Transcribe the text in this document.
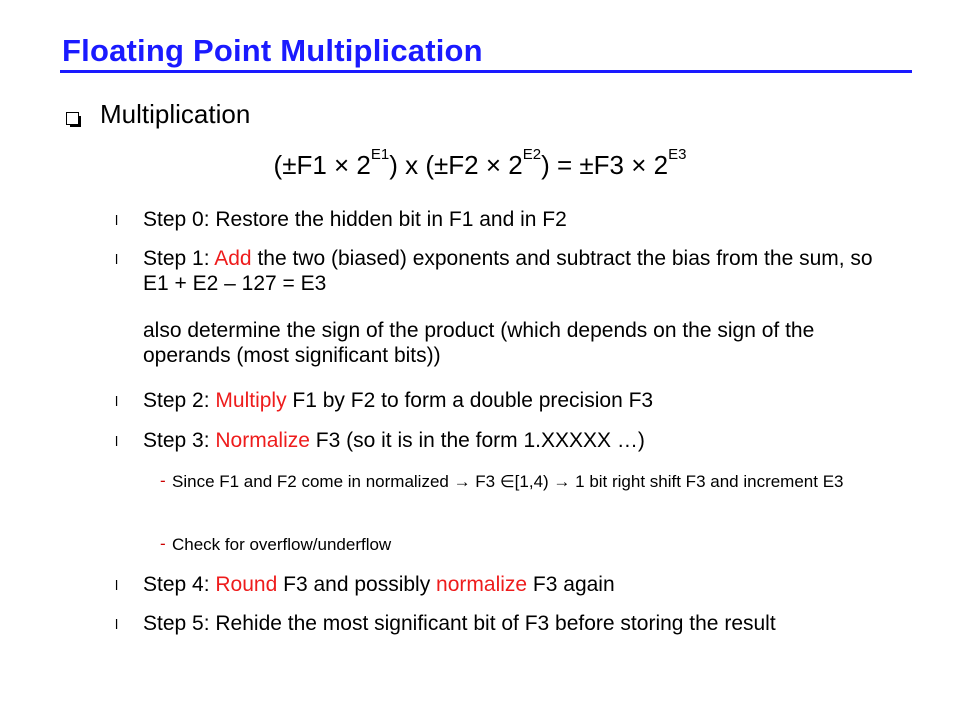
Floating Point Multiplication
Multiplication
$(\pm F1 \times 2^{E1})$ x $(\pm F2 \times 2^{E2}) = \pm F3 \times 2^{E3}$
l Step 0: Restore the hidden bit in F1 and in F2
l Step 1: Add the two (biased) exponents and subtract the bias from the sum, so E1 + E2 – 127 = E3
also determine the sign of the product (which depends on the sign of the operands (most significant bits))
l Step 2: Multiply F1 by F2 to form a double precision F3
l Step 3: Normalize F3 (so it is in the form 1.XXXXX …)
- Since F1 and F2 come in normalized → F3 ∈[1,4) → 1 bit right shift F3 and increment E3
- Check for overflow/underflow
l Step 4: Round F3 and possibly normalize F3 again
l Step 5: Rehide the most significant bit of F3 before storing the result
